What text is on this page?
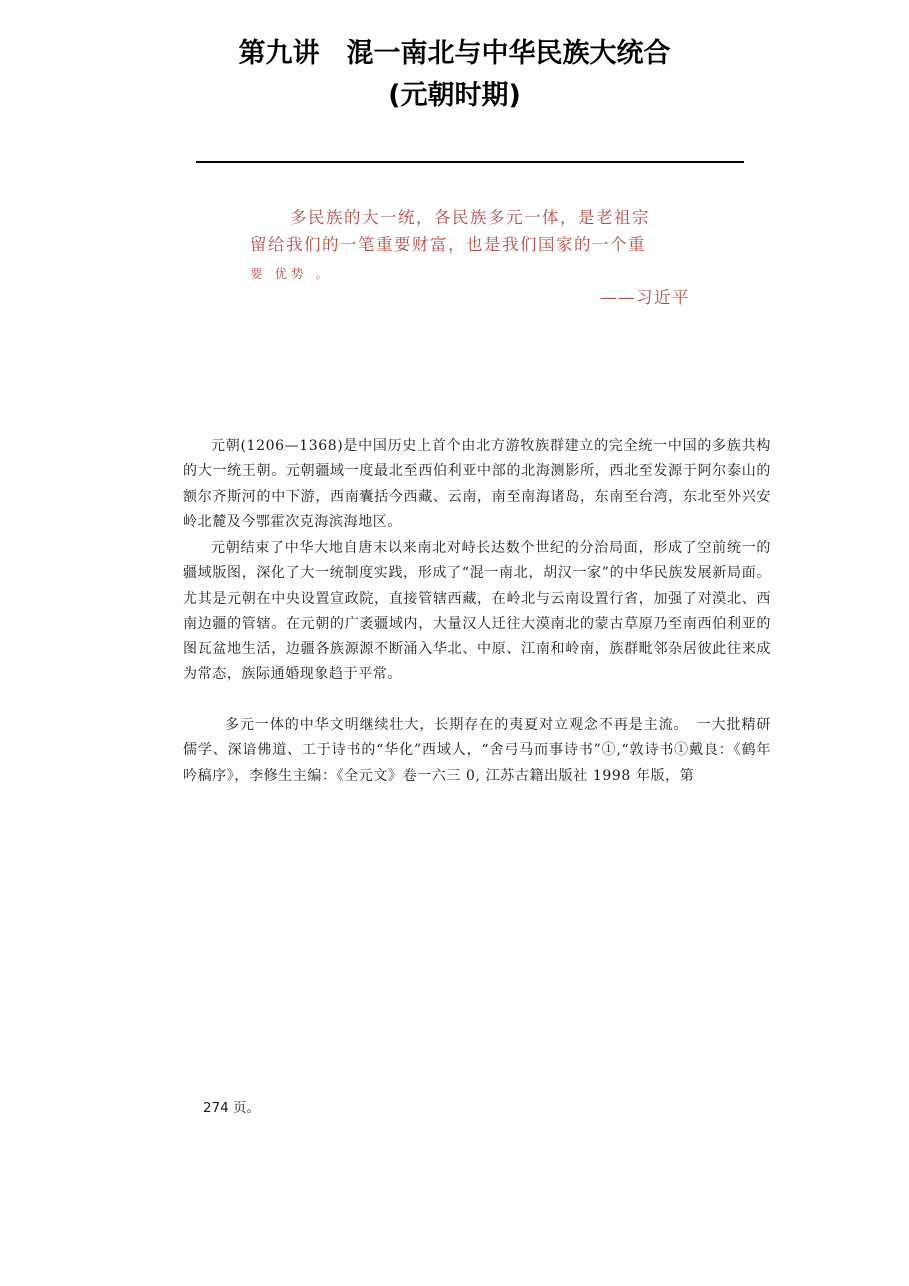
第九讲　混一南北与中华民族大统合
(元朝时期)
多民族的大一统，各民族多元一体，是老祖宗
留给我们的一笔重要财富，也是我们国家的一个重
要 优势 。
——习近平
元朝(1206—1368)是中国历史上首个由北方游牧族群建立的完全统一中国的多族共构的大一统王朝。元朝疆域一度最北至西伯利亚中部的北海测影所，西北至发源于阿尔泰山的额尔齐斯河的中下游，西南囊括今西藏、云南，南至南海诸岛，东南至台湾，东北至外兴安岭北麓及今鄂霍次克海滨海地区。
元朝结束了中华大地自唐末以来南北对峙长达数个世纪的分治局面，形成了空前统一的疆域版图，深化了大一统制度实践，形成了“混一南北，胡汉一家”的中华民族发展新局面。尤其是元朝在中央设置宣政院，直接管辖西藏，在岭北与云南设置行省，加强了对漠北、西南边疆的管辖。在元朝的广袤疆域内，大量汉人迁往大漠南北的蒙古草原乃至南西伯利亚的图瓦盆地生活，边疆各族源源不断涌入华北、中原、江南和岭南，族群毗邻杂居彼此往来成为常态，族际通婚现象趋于平常。
多元一体的中华文明继续壮大，长期存在的夷夏对立观念不再是主流。　一大批精研儒学、深谙佛道、工于诗书的“华化”西域人，“舍弓马而事诗书”①,“敦诗书①戴良：《鹤年吟稿序》，李修生主编：《全元文》卷一六三 0, 江苏古籍出版社 1998 年版，第
274 页。
